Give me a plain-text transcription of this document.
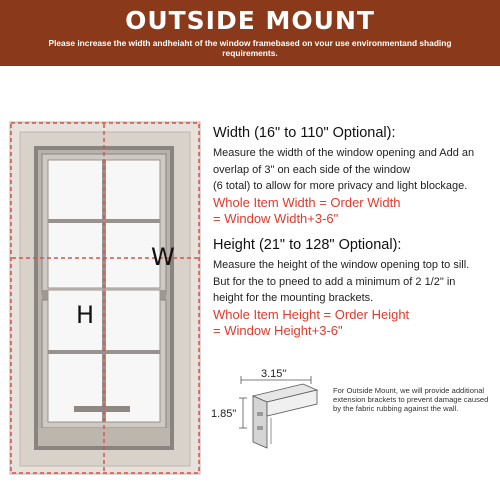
OUTSIDE MOUNT
Please increase the width andheiaht of the window framebased on vour use environmentand shading requirements.
W
H
Width (16" to 110" Optional):
Measure the width of the window opening and Add an
overlap of 3" on each side of the window
(6 total) to allow for more privacy and light blockage.
Whole Item Width = Order Width
= Window Width+3-6"
Height (21" to 128" Optional):
Measure the height of the window opening top to sill.
But for the to pneed to add a minimum of 2 1/2" in
height for the mounting brackets.
Whole Item Height = Order Height
= Window Height+3-6"
3.15"
1.85"
For Outside Mount, we will provide additional extension brackets to prevent damage caused by the fabric rubbing against the wall.
